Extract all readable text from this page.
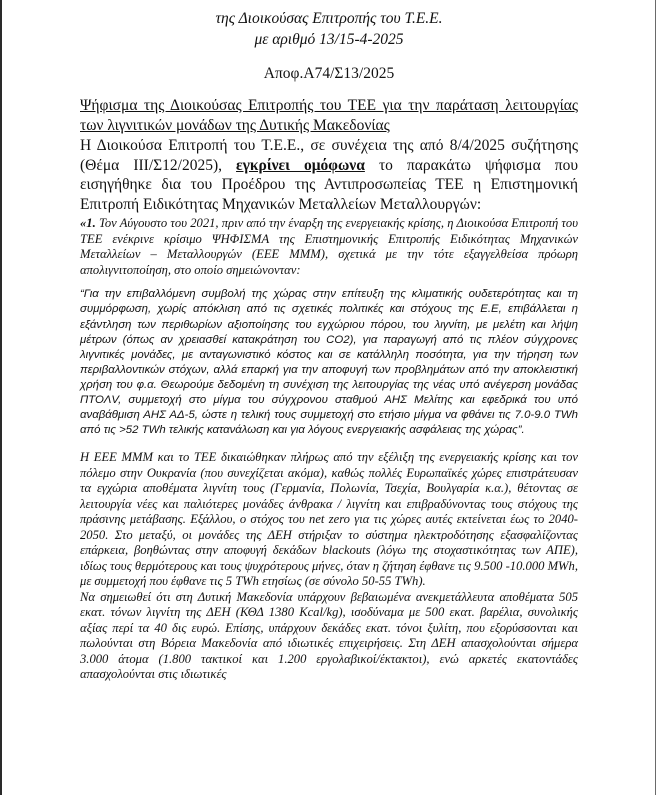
της Διοικούσας Επιτροπής του Τ.Ε.Ε.
με αριθμό 13/15-4-2025
Αποφ.Α74/Σ13/2025
Ψήφισμα της Διοικούσας Επιτροπής του ΤΕΕ για την παράταση λειτουργίας των λιγνιτικών μονάδων της Δυτικής Μακεδονίας
Η Διοικούσα Επιτροπή του Τ.Ε.Ε., σε συνέχεια της από 8/4/2025 συζήτησης (Θέμα ΙΙΙ/Σ12/2025), εγκρίνει ομόφωνα το παρακάτω ψήφισμα που εισηγήθηκε δια του Προέδρου της Αντιπροσωπείας ΤΕΕ η Επιστημονική Επιτροπή Ειδικότητας Μηχανικών Μεταλλείων Μεταλλουργών:
«1. Τον Αύγουστο του 2021, πριν από την έναρξη της ενεργειακής κρίσης, η Διοικούσα Επιτροπή του ΤΕΕ ενέκρινε κρίσιμο ΨΗΦΙΣΜΑ της Επιστημονικής Επιτροπής Ειδικότητας Μηχανικών Μεταλλείων – Μεταλλουργών (ΕΕΕ ΜΜΜ), σχετικά με την τότε εξαγγελθείσα πρόωρη απολιγνιτοποίηση, στο οποίο σημειώνονταν:
“Για την επιβαλλόμενη συμβολή της χώρας στην επίτευξη της κλιματικής ουδετερότητας και τη συμμόρφωση, χωρίς απόκλιση από τις σχετικές πολιτικές και στόχους της Ε.Ε, επιβάλλεται η εξάντληση των περιθωρίων αξιοποίησης του εγχώριου πόρου, του λιγνίτη, με μελέτη και λήψη μέτρων (όπως αν χρειασθεί κατακράτηση του CO2), για παραγωγή από τις πλέον σύγχρονες λιγνιτικές μονάδες, με ανταγωνιστικό κόστος και σε κατάλληλη ποσότητα, για την τήρηση των περιβαλλοντικών στόχων, αλλά επαρκή για την αποφυγή των προβλημάτων από την αποκλειστική χρήση του φ.α. Θεωρούμε δεδομένη τη συνέχιση της λειτουργίας της νέας υπό ανέγερση μονάδας ΠΤΟΛV, συμμετοχή στο μίγμα του σύγχρονου σταθμού ΑΗΣ Μελίτης και εφεδρικά του υπό αναβάθμιση ΑΗΣ ΑΔ-5, ώστε η τελική τους συμμετοχή στο ετήσιο μίγμα να φθάνει τις 7.0-9.0 TWh από τις >52 TWh τελικής κατανάλωση και για λόγους ενεργειακής ασφάλειας της χώρας”.
Η ΕΕΕ ΜΜΜ και το ΤΕΕ δικαιώθηκαν πλήρως από την εξέλιξη της ενεργειακής κρίσης και τον πόλεμο στην Ουκρανία (που συνεχίζεται ακόμα), καθώς πολλές Ευρωπαϊκές χώρες επιστράτευσαν τα εγχώρια αποθέματα λιγνίτη τους (Γερμανία, Πολωνία, Τσεχία, Βουλγαρία κ.α.), θέτοντας σε λειτουργία νέες και παλιότερες μονάδες άνθρακα / λιγνίτη και επιβραδύνοντας τους στόχους της πράσινης μετάβασης. Εξάλλου, ο στόχος του net zero για τις χώρες αυτές εκτείνεται έως το 2040-2050. Στο μεταξύ, οι μονάδες της ΔΕΗ στήριξαν το σύστημα ηλεκτροδότησης εξασφαλίζοντας επάρκεια, βοηθώντας στην αποφυγή δεκάδων blackouts (λόγω της στοχαστικότητας των ΑΠΕ), ιδίως τους θερμότερους και τους ψυχρότερους μήνες, όταν η ζήτηση έφθανε τις 9.500 -10.000 MWh, με συμμετοχή που έφθανε τις 5 TWh ετησίως (σε σύνολο 50-55 TWh).
Να σημειωθεί ότι στη Δυτική Μακεδονία υπάρχουν βεβαιωμένα ανεκμετάλλευτα αποθέματα 505 εκατ. τόνων λιγνίτη της ΔΕΗ (ΚΘΔ 1380 Kcal/kg), ισοδύναμα με 500 εκατ. βαρέλια, συνολικής αξίας περί τα 40 δις ευρώ. Επίσης, υπάρχουν δεκάδες εκατ. τόνοι ξυλίτη, που εξορύσσονται και πωλούνται στη Βόρεια Μακεδονία από ιδιωτικές επιχειρήσεις. Στη ΔΕΗ απασχολούνται σήμερα 3.000 άτομα (1.800 τακτικοί και 1.200 εργολαβικοί/έκτακτοι), ενώ αρκετές εκατοντάδες απασχολούνται στις ιδιωτικές
